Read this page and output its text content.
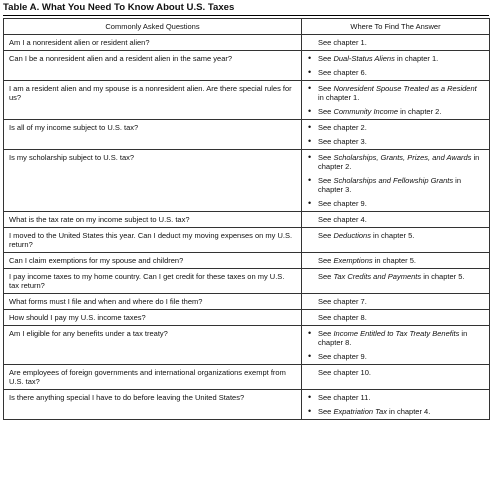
Table A. What You Need To Know About U.S. Taxes
Commonly Asked Questions	Where To Find The Answer
Am I a nonresident alien or resident alien?	See chapter 1.

Can I be a nonresident alien and a resident alien in the same year?	• See Dual-Status Aliens in chapter 1.
• See chapter 6.

I am a resident alien and my spouse is a nonresident alien. Are there special rules for us?	• See Nonresident Spouse Treated as a Resident in chapter 1.
• See Community Income in chapter 2.

Is all of my income subject to U.S. tax?	• See chapter 2.
• See chapter 3.

Is my scholarship subject to U.S. tax?	• See Scholarships, Grants, Prizes, and Awards in chapter 2.
• See Scholarships and Fellowship Grants in chapter 3.
• See chapter 9.

What is the tax rate on my income subject to U.S. tax?	See chapter 4.

I moved to the United States this year. Can I deduct my moving expenses on my U.S. return?	See Deductions in chapter 5.

Can I claim exemptions for my spouse and children?	See Exemptions in chapter 5.

I pay income taxes to my home country. Can I get credit for these taxes on my U.S. tax return?	See Tax Credits and Payments in chapter 5.

What forms must I file and when and where do I file them?	See chapter 7.

How should I pay my U.S. income taxes?	See chapter 8.

Am I eligible for any benefits under a tax treaty?	• See Income Entitled to Tax Treaty Benefits in chapter 8.
• See chapter 9.

Are employees of foreign governments and international organizations exempt from U.S. tax?	See chapter 10.

Is there anything special I have to do before leaving the United States?	• See chapter 11.
• See Expatriation Tax in chapter 4.
